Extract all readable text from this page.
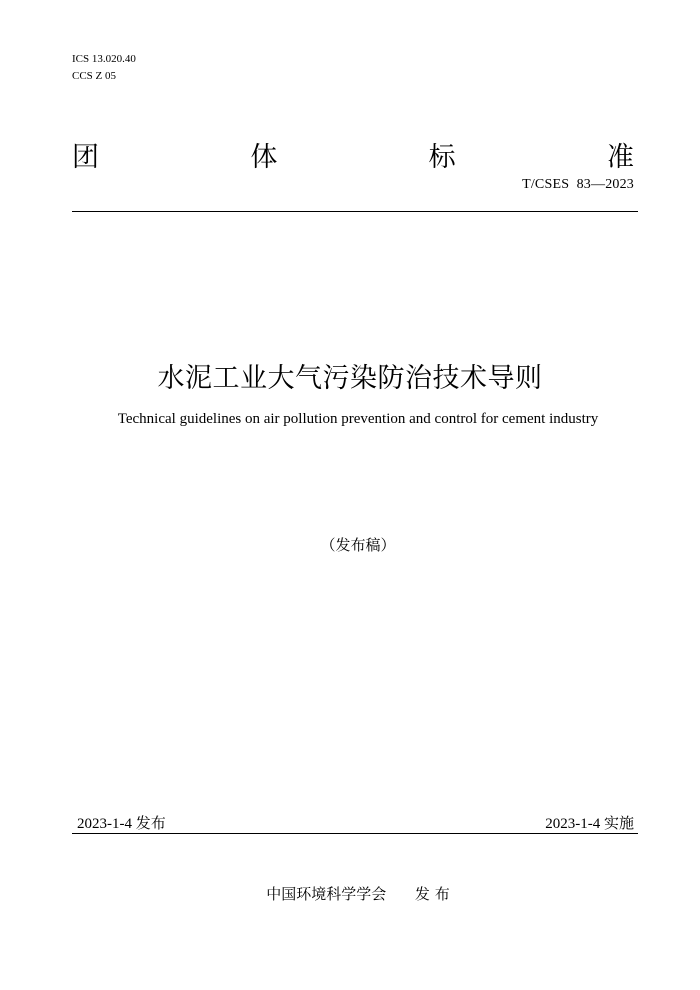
ICS 13.020.40
CCS Z 05
团	体	标	准
T/CSES  83—2023
水泥工业大气污染防治技术导则
Technical guidelines on air pollution prevention and control for cement industry
（发布稿）
2023-1-4 发布	2023-1-4 实施
中国环境科学学会 发 布
